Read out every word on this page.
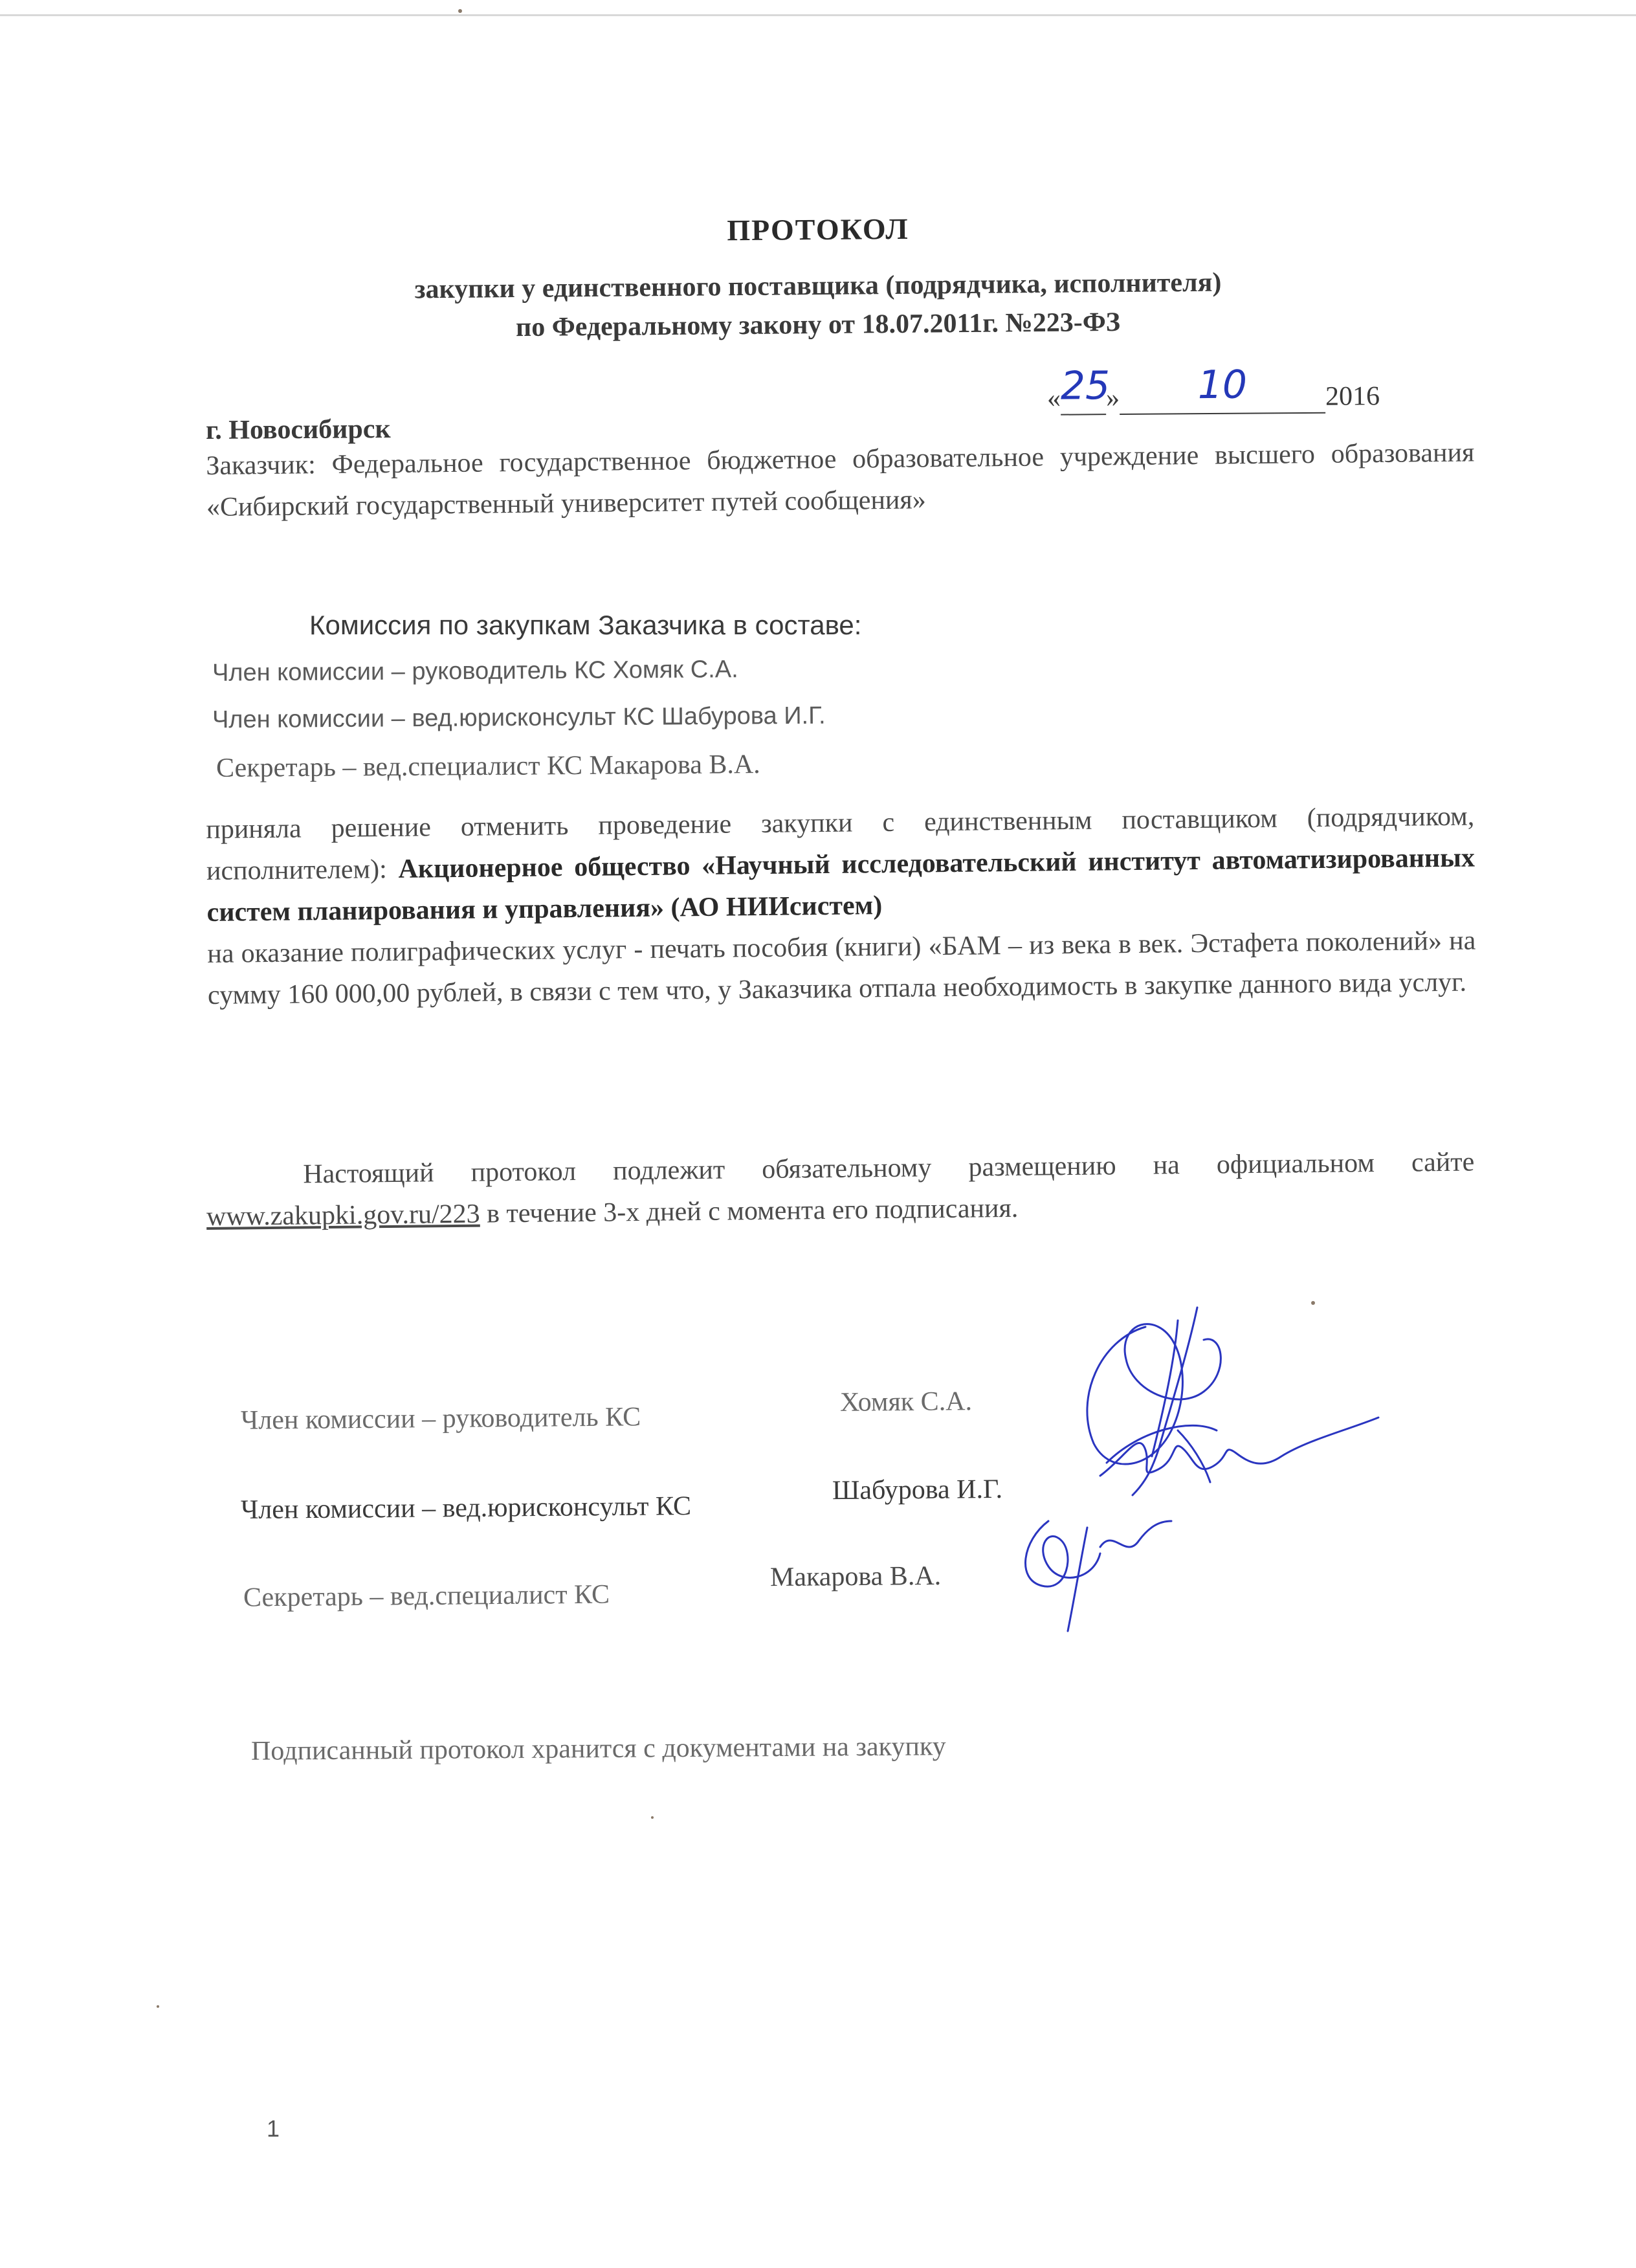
ПРОТОКОЛ
закупки у единственного поставщика (подрядчика, исполнителя)
по Федеральному закону от 18.07.2011г. №223-ФЗ
г. Новосибирск
« 25
»	10	2016
Заказчик: Федеральное государственное бюджетное образовательное учреждение высшего образования «Сибирский государственный университет путей сообщения»
Комиссия по закупкам Заказчика в составе:
Член комиссии – руководитель КС Хомяк С.А.
Член комиссии – вед.юрисконсульт КС Шабурова И.Г.
Секретарь – вед.специалист КС Макарова В.А.
приняла решение отменить проведение закупки с единственным поставщиком (подрядчиком, исполнителем): Акционерное общество «Научный исследовательский институт автоматизированных систем планирования и управления» (АО НИИсистем)
на оказание полиграфических услуг - печать пособия (книги) «БАМ – из века в век. Эстафета поколений» на сумму 160 000,00 рублей, в связи с тем что, у Заказчика отпала необходимость в закупке данного вида услуг.
Настоящий протокол подлежит обязательному размещению на официальном сайте www.zakupki.gov.ru/223 в течение 3-х дней с момента его подписания.
Член комиссии – руководитель КС
Хомяк С.А.
Член комиссии – вед.юрисконсульт КС
Шабурова И.Г.
Секретарь – вед.специалист КС
Макарова В.А.
Подписанный протокол хранится с документами на закупку
1
